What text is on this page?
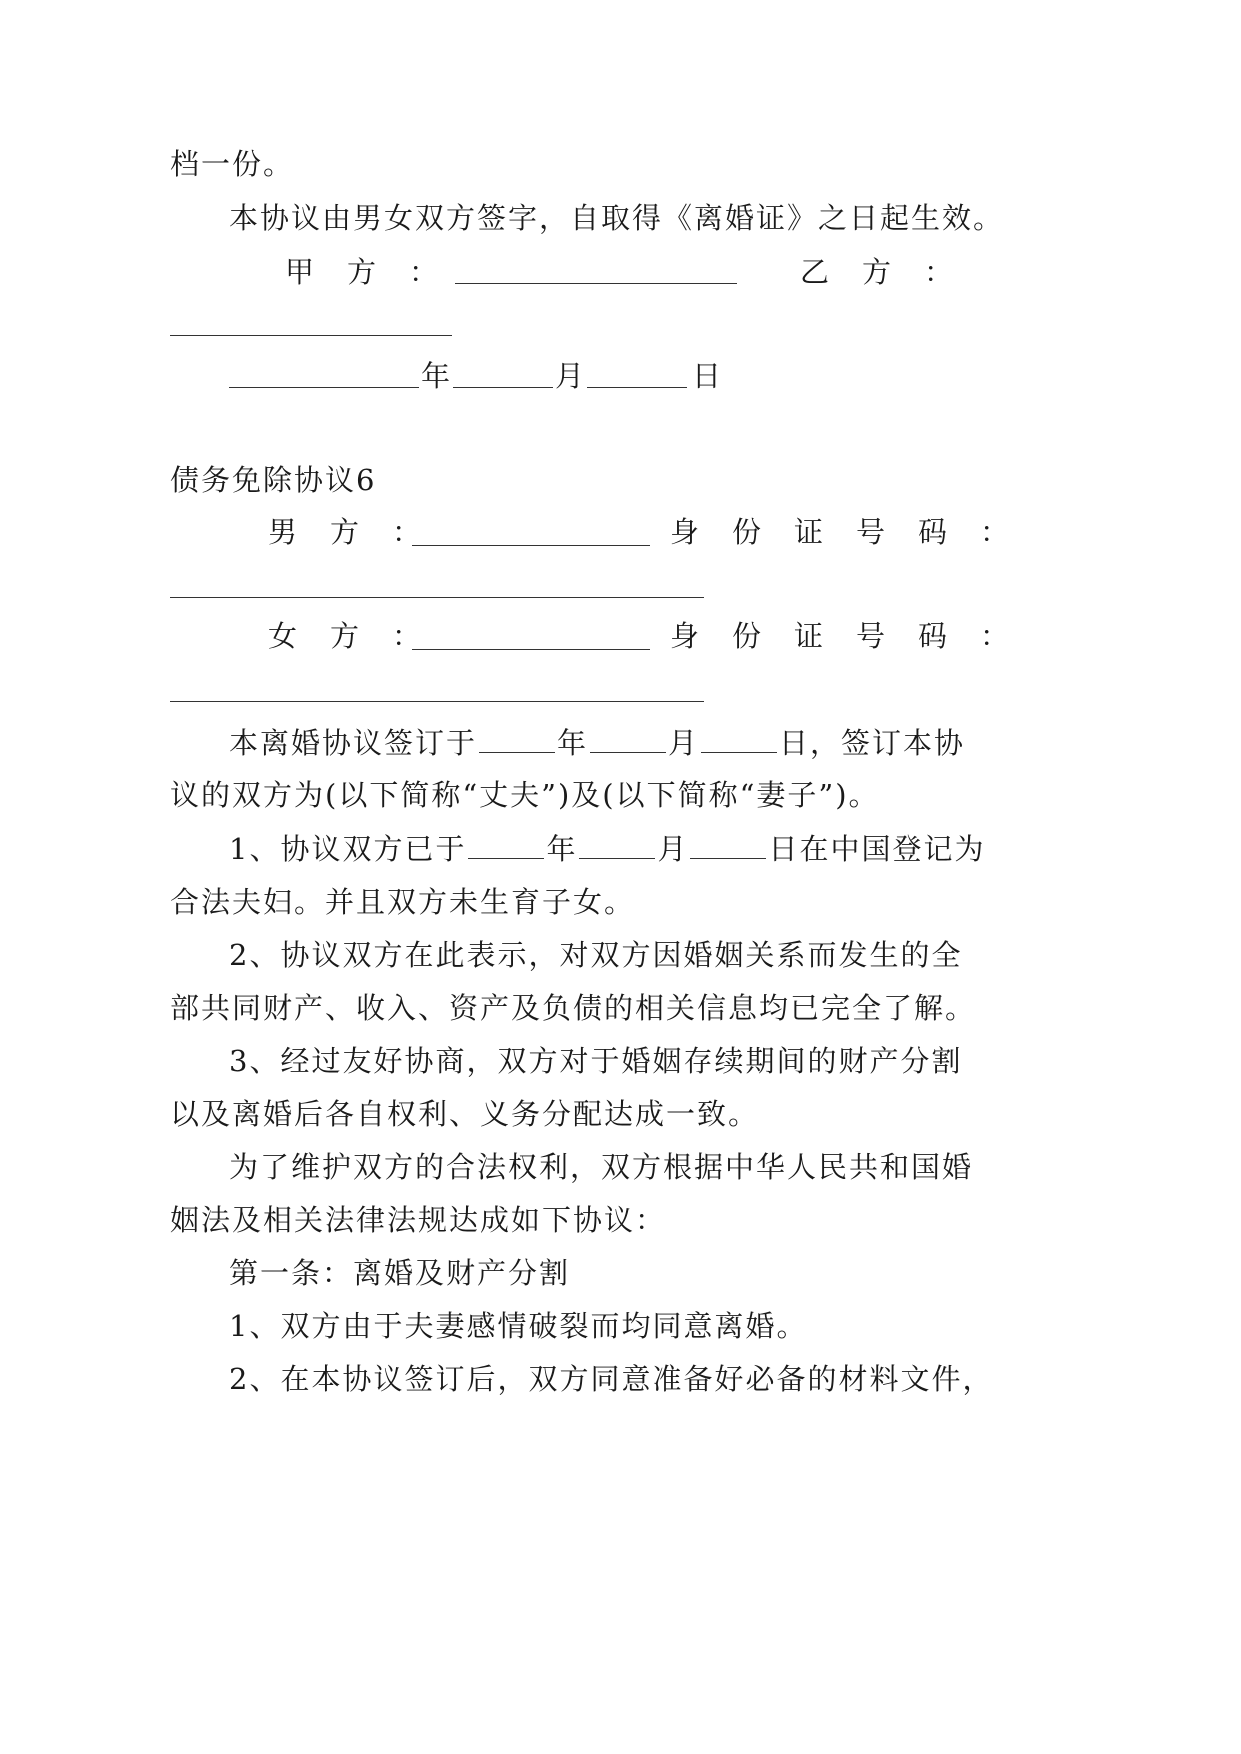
档一份。
本协议由男女双方签字，自取得《离婚证》之日起生效。
甲　方　：	乙　方　：
年	月	日
债务免除协议6
男　方　：	身　份　证　号　码　：
女　方　：	身　份　证　号　码　：
本离婚协议签订于	年	月	日，签订本协
议的双方为(以下简称“丈夫”)及(以下简称“妻子”)。
1、协议双方已于	年	月	日在中国登记为
合法夫妇。并且双方未生育子女。
2、协议双方在此表示，对双方因婚姻关系而发生的全
部共同财产、收入、资产及负债的相关信息均已完全了解。
3、经过友好协商，双方对于婚姻存续期间的财产分割
以及离婚后各自权利、义务分配达成一致。
为了维护双方的合法权利，双方根据中华人民共和国婚
姻法及相关法律法规达成如下协议：
第一条：离婚及财产分割
1、双方由于夫妻感情破裂而均同意离婚。
2、在本协议签订后，双方同意准备好必备的材料文件，
